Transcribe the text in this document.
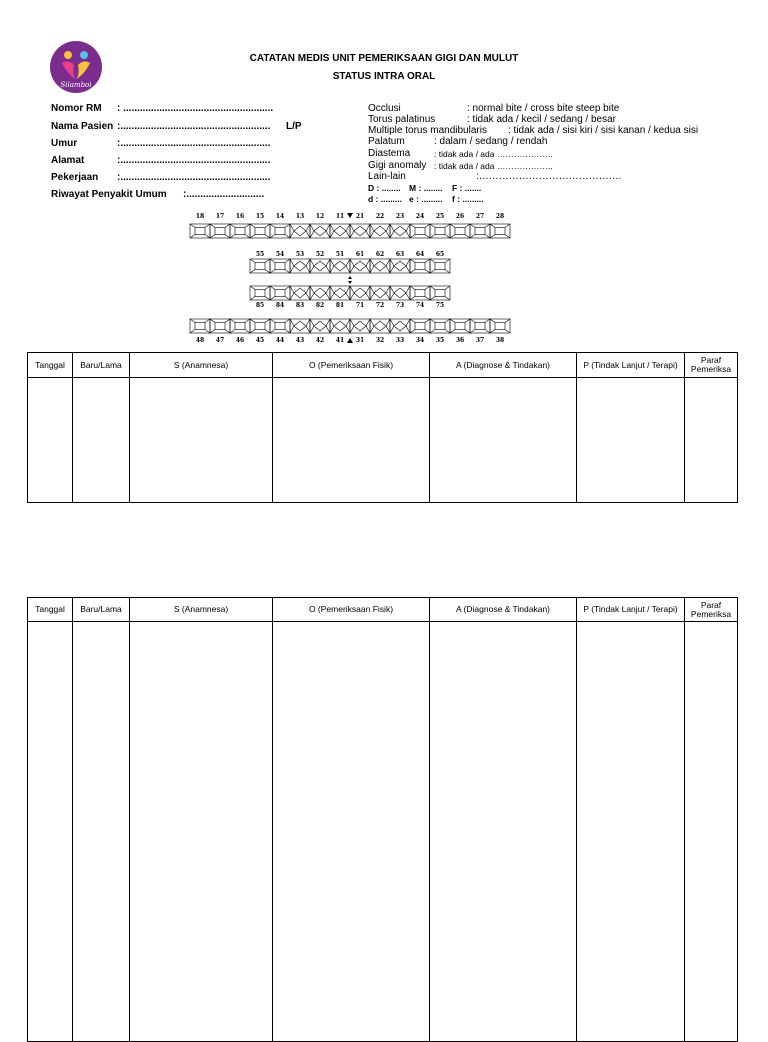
Silamboi
CATATAN MEDIS UNIT PEMERIKSAAN GIGI DAN MULUT
STATUS INTRA ORAL
Nomor RM : ......................................................
Nama Pasien :...................................................... L/P
Umur	:......................................................
Alamat	:......................................................
Pekerjaan :......................................................
Riwayat Penyakit Umum :............................
Occlusi	: normal bite / cross bite steep bite
Torus palatinus	: tidak ada / kecil / sedang / besar
Multiple torus mandibularis : tidak ada / sisi kiri / sisi kanan / kedua sisi
Palatum	: dalam / sedang / rendah
Diastema	: tidak ada / ada ………………..
Gigi anomaly : tidak ada / ada ………………..
Lain-lain	:…………………………………….
D : ........ M : ........ F : .......
d : ......... e : ......... f : .........
18 17 16 15 14 13 12 11 21 22 23 24 25 26 27 28
55 54 53 52 51 61 62 63 64 65
85 84 83 82 81 71 72 73 74 75
48 47 46 45 44 43 42 41 31 32 33 34 35 36 37 38
Tanggal	Baru/Lama	S (Anamnesa)	O (Pemeriksaan Fisik)	A (Diagnose & Tindakan)	P (Tindak Lanjut / Terapi)	Paraf Pemeriksa

Tanggal	Baru/Lama	S (Anamnesa)	O (Pemeriksaan Fisik)	A (Diagnose & Tindakan)	P (Tindak Lanjut / Terapi)	Paraf Pemeriksa
